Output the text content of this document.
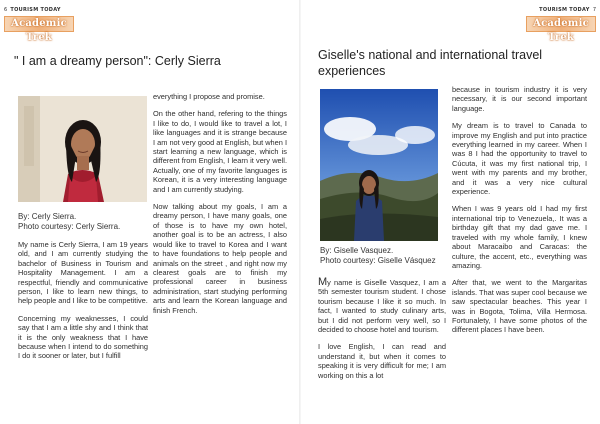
6 TOURISM TODAY
Academic Trek
" I am a dreamy person": Cerly Sierra
By: Cerly Sierra.
Photo courtesy: Cerly Sierra.

My name is Cerly Sierra, I am 19 years old, and I am currently studying the bachelor of Business in Tourism and Hospitality Management. I am a respectful, friendly and communicative person, I like to learn new things, to help people and I like to be competitive.

Concerning my weaknesses, I could say that I am a little shy and I think that it is the only weakness that I have because when I intend to do something I do it sooner or later, but I fulfill

everything I propose and promise.

On the other hand, refering to the things I like to do, I would like to travel a lot, I like languages and it is strange because I am not very good at English, but when I start learning a new language, which is different from English, I learn it very well. Actually, one of my favorite languages is Korean, it is a very interesting language and I am currently studying.

Now talking about my goals, I am a dreamy person, I have many goals, one of those is to have my own hotel, another goal is to be an actress, I also would like to travel to Korea and I want to have foundations to help people and animals on the street , and right now my clearest goals are to finish my professional career in business administration, start studying performing arts and learn the Korean language and finish French.

TOURISM TODAY 7
Academic Trek
Giselle's national and international travel experiences
By: Giselle Vasquez.
Photo courtesy: Giselle Vásquez

My name is Giselle Vasquez, I am a 5th semester tourism student. I chose tourism because I like it so much. In fact, I wanted to study culinary arts, but I did not perform very well, so I decided to choose hotel and tourism.

I love English, I can read and understand it, but when it comes to speaking it is very difficult for me; I am working on this a lot

because in tourism industry it is very necessary, it is our second important language.

My dream is to travel to Canada to improve my English and put into practice everything learned in my career. When I was 8 I had the opportunity to travel to Cúcuta, it was my first national trip, I went with my parents and my brother, and it was a very nice cultural experience.

When I was 9 years old I had my first international trip to Venezuela,. It was a birthday gift that my dad gave me. I traveled with my whole family, I knew about Maracaibo and Caracas: the culture, the accent, etc., everything was amazing.

After that, we went to the Margaritas islands. That was super cool because we saw spectacular beaches. This year I was in Bogota, Tolima, Villa Hermosa. Fortunalety, I have some photos of the different places I have been.
